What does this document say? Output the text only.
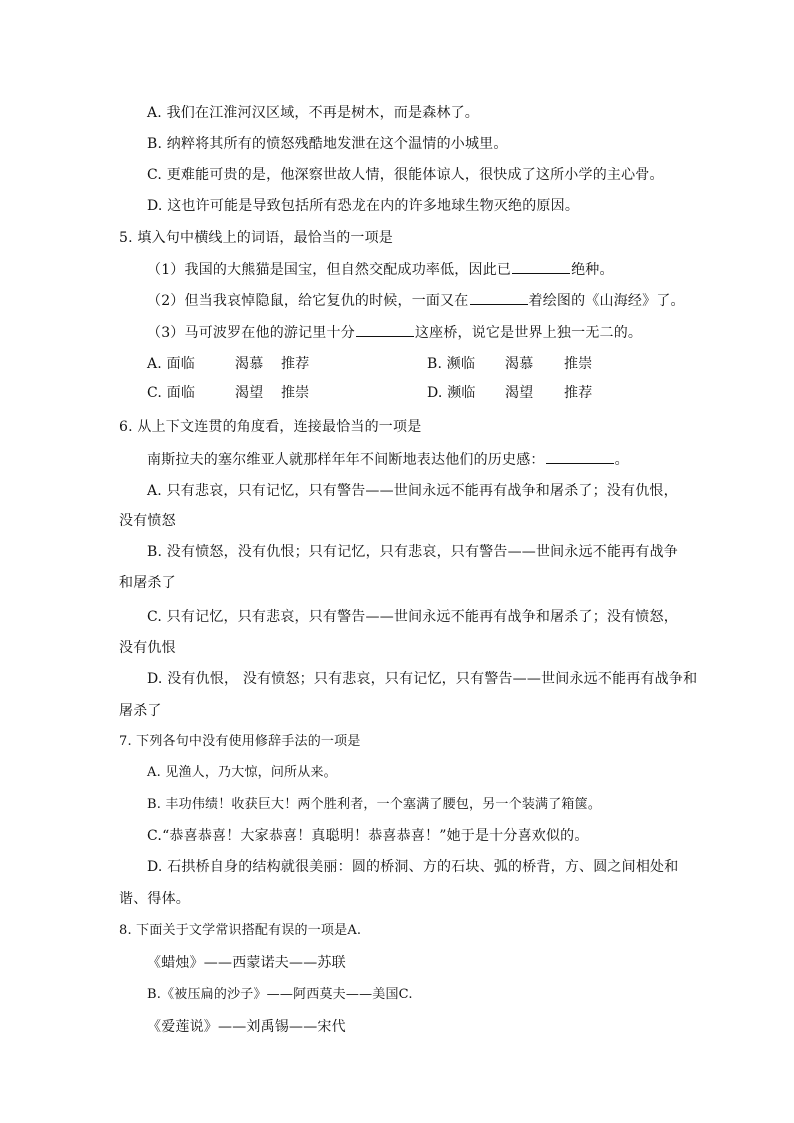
A. 我们在江淮河汉区域，不再是树木，而是森林了。
B. 纳粹将其所有的愤怒残酷地发泄在这个温情的小城里。
C. 更难能可贵的是，他深察世故人情，很能体谅人，很快成了这所小学的主心骨。
D. 这也许可能是导致包括所有恐龙在内的许多地球生物灭绝的原因。
5. 填入句中横线上的词语，最恰当的一项是
（1）我国的大熊猫是国宝，但自然交配成功率低，因此已	绝种。
（2）但当我哀悼隐鼠，给它复仇的时候，一面又在	着绘图的《山海经》了。
（3）马可波罗在他的游记里十分	这座桥，说它是世界上独一无二的。
A. 面临	渴慕 推荐	B. 濒临 渴慕 推崇
C. 面临	渴望 推崇	D. 濒临 渴望 推荐
6. 从上下文连贯的角度看，连接最恰当的一项是
南斯拉夫的塞尔维亚人就那样年年不间断地表达他们的历史感：	。
A. 只有悲哀，只有记忆，只有警告——世间永远不能再有战争和屠杀了；没有仇恨，
没有愤怒
B. 没有愤怒，没有仇恨；只有记忆，只有悲哀，只有警告——世间永远不能再有战争
和屠杀了
C. 只有记忆，只有悲哀，只有警告——世间永远不能再有战争和屠杀了；没有愤怒，
没有仇恨
D. 没有仇恨， 没有愤怒；只有悲哀，只有记忆，只有警告——世间永远不能再有战争和
屠杀了
7. 下列各句中没有使用修辞手法的一项是
A. 见渔人，乃大惊，问所从来。
B. 丰功伟绩！收获巨大！两个胜利者，一个塞满了腰包，另一个装满了箱箧。
C.“恭喜恭喜！大家恭喜！真聪明！恭喜恭喜！”她于是十分喜欢似的。
D. 石拱桥自身的结构就很美丽：圆的桥洞、方的石块、弧的桥背，方、圆之间相处和
谐、得体。
8. 下面关于文学常识搭配有误的一项是A.
《蜡烛》——西蒙诺夫——苏联
B.《被压扁的沙子》——阿西莫夫——美国C.
《爱莲说》——刘禹锡——宋代
